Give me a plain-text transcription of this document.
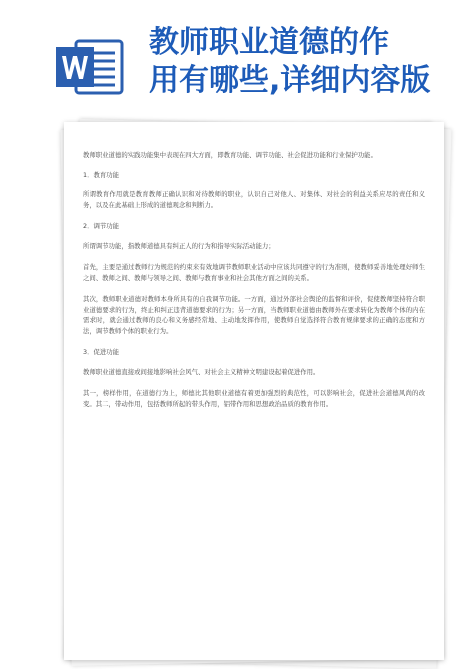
教师职业道德的作
用有哪些,详细内容版

教师职业道德的实践功能集中表现在四大方面，即教育功能、调节功能、社会促进功能和行业保护功能。

1．教育功能

所谓教育作用就是教育教师正确认识和对待教师的职业，认识自己对他人、对集体、对社会的利益关系应尽的责任和义务，以及在此基础上形成的道德观念和判断力。

2．调节功能

所谓调节功能，指教师道德具有纠正人的行为和指导实际活动能力；

首先，主要是通过教师行为规范的约束来有效地调节教师职业活动中应该共同遵守的行为准则，使教师妥善地处理好师生之间、教师之间、教师与领导之间、教师与教育事业和社会其他方面之间的关系。

其次，教师职业道德对教师本身所具有的自我调节功能。一方面，通过外部社会舆论的监督和评价，促使教师坚持符合职业道德要求的行为，终止和纠正违背道德要求的行为；另一方面，当教师职业道德由教师外在要求转化为教师个体的内在需求时，就会通过教师的良心和义务感经常地、主动地发挥作用，使教师自觉选择符合教育规律要求的正确的态度和方法，调节教师个体的职业行为。

3．促进功能

教师职业道德直接或间接地影响社会风气、对社会主义精神文明建设起着促进作用。

其一，榜样作用，在道德行为上，师德比其他职业道德有着更加强烈的典范性，可以影响社会，促进社会道德风尚的改变。其二，带动作用，包括教师所起的带头作用，铝带作用和思想政治品质的教育作用。
